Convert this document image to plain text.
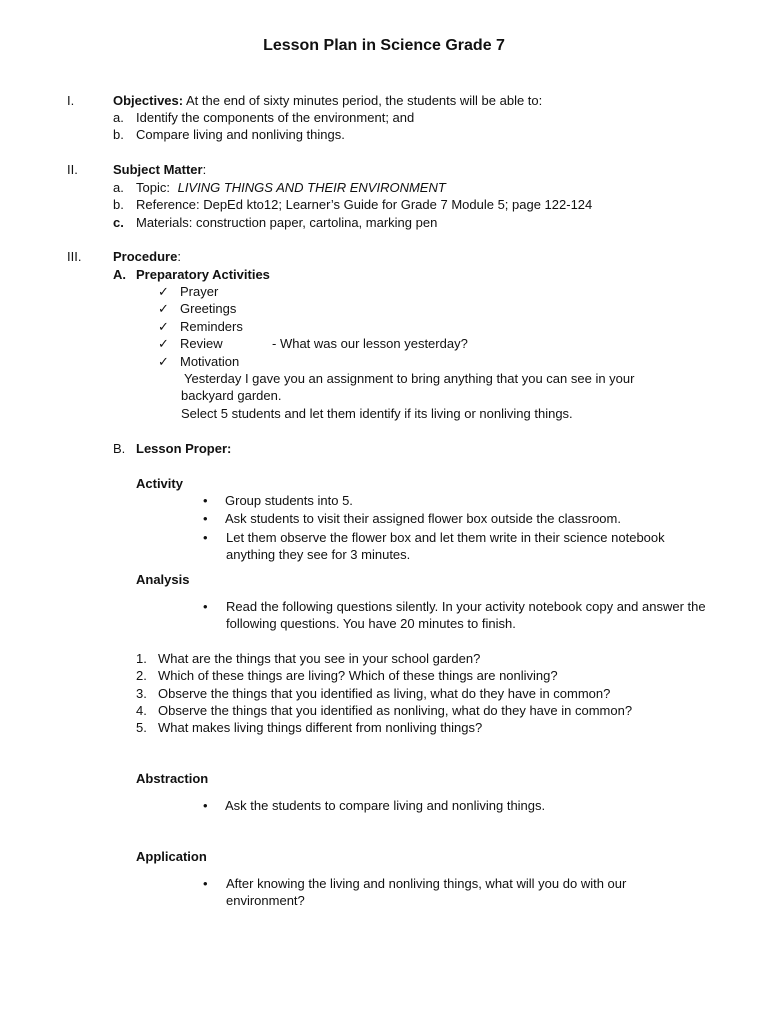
Lesson Plan in Science Grade 7
I.	Objectives: At the end of sixty minutes period, the students will be able to:
a. Identify the components of the environment; and
b. Compare living and nonliving things.
II.	Subject Matter:
a. Topic: LIVING THINGS AND THEIR ENVIRONMENT
b. Reference: DepEd kto12; Learner’s Guide for Grade 7 Module 5; page 122-124
c. Materials: construction paper, cartolina, marking pen
III. Procedure:
A. Preparatory Activities
✓ Prayer
✓ Greetings
✓ Reminders
✓ Review	- What was our lesson yesterday?
✓ Motivation
Yesterday I gave you an assignment to bring anything that you can see in your
backyard garden.
Select 5 students and let them identify if its living or nonliving things.
B. Lesson Proper:
Activity
• Group students into 5.
• Ask students to visit their assigned flower box outside the classroom.
• Let them observe the flower box and let them write in their science notebook anything they see for 3 minutes.
Analysis
• Read the following questions silently. In your activity notebook copy and answer the following questions. You have 20 minutes to finish.
1. What are the things that you see in your school garden?
2. Which of these things are living? Which of these things are nonliving?
3. Observe the things that you identified as living, what do they have in common?
4. Observe the things that you identified as nonliving, what do they have in common?
5. What makes living things different from nonliving things?
Abstraction
• Ask the students to compare living and nonliving things.
Application
• After knowing the living and nonliving things, what will you do with our environment?
